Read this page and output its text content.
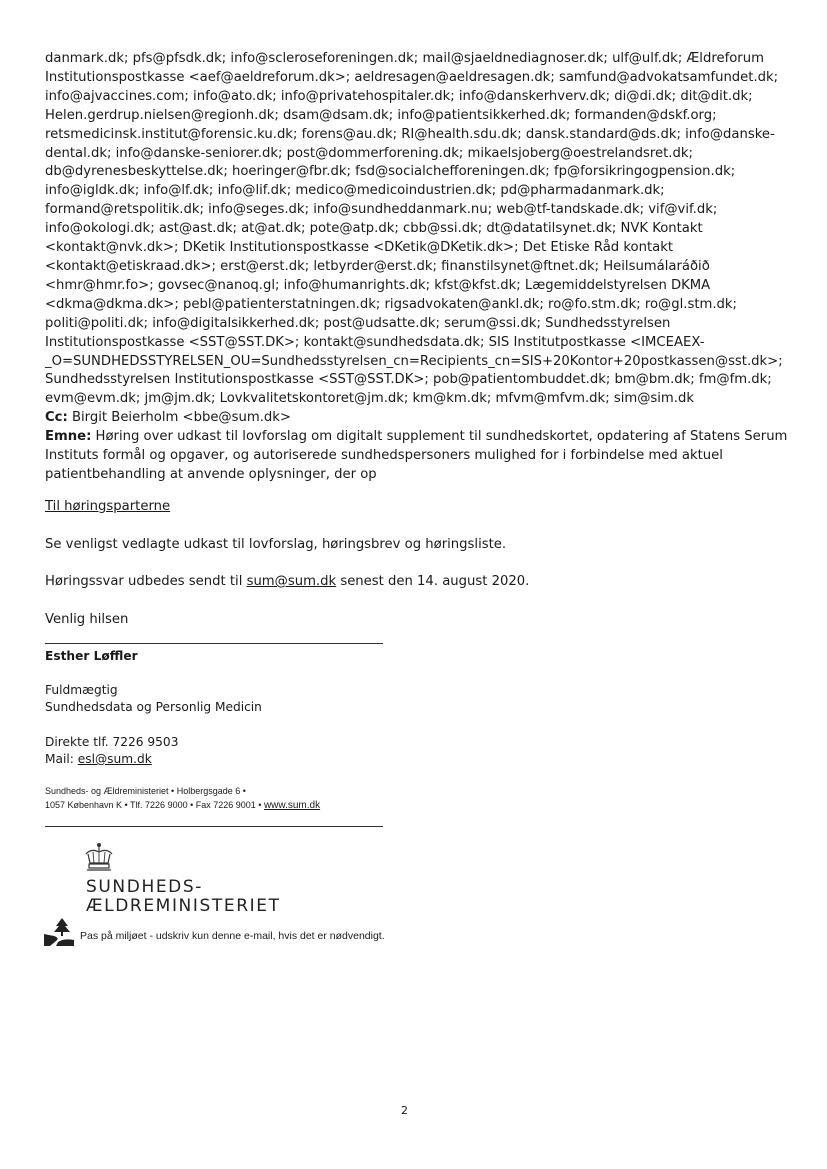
danmark.dk; pfs@pfsdk.dk; info@scleroseforeningen.dk; mail@sjaeldnediagnoser.dk; ulf@ulf.dk; Ældreforum
Institutionspostkasse <aef@aeldreforum.dk>; aeldresagen@aeldresagen.dk; samfund@advokatsamfundet.dk;
info@ajvaccines.com; info@ato.dk; info@privatehospitaler.dk; info@danskerhverv.dk; di@di.dk; dit@dit.dk;
Helen.gerdrup.nielsen@regionh.dk; dsam@dsam.dk; info@patientsikkerhed.dk; formanden@dskf.org;
retsmedicinsk.institut@forensic.ku.dk; forens@au.dk; RI@health.sdu.dk; dansk.standard@ds.dk; info@danske-
dental.dk; info@danske-seniorer.dk; post@dommerforening.dk; mikaelsjoberg@oestrelandsret.dk;
db@dyrenesbeskyttelse.dk; hoeringer@fbr.dk; fsd@socialchefforeningen.dk; fp@forsikringogpension.dk;
info@igldk.dk; info@lf.dk; info@lif.dk; medico@medicoindustrien.dk; pd@pharmadanmark.dk;
formand@retspolitik.dk; info@seges.dk; info@sundheddanmark.nu; web@tf-tandskade.dk; vif@vif.dk;
info@okologi.dk; ast@ast.dk; at@at.dk; pote@atp.dk; cbb@ssi.dk; dt@datatilsynet.dk; NVK Kontakt
<kontakt@nvk.dk>; DKetik Institutionspostkasse <DKetik@DKetik.dk>; Det Etiske Råd kontakt
<kontakt@etiskraad.dk>; erst@erst.dk; letbyrder@erst.dk; finanstilsynet@ftnet.dk; Heilsumálaráðið
<hmr@hmr.fo>; govsec@nanoq.gl; info@humanrights.dk; kfst@kfst.dk; Lægemiddelstyrelsen DKMA
<dkma@dkma.dk>; pebl@patienterstatningen.dk; rigsadvokaten@ankl.dk; ro@fo.stm.dk; ro@gl.stm.dk;
politi@politi.dk; info@digitalsikkerhed.dk; post@udsatte.dk; serum@ssi.dk; Sundhedsstyrelsen
Institutionspostkasse <SST@SST.DK>; kontakt@sundhedsdata.dk; SIS Institutpostkasse <IMCEAEX-
_O=SUNDHEDSSTYRELSEN_OU=Sundhedsstyrelsen_cn=Recipients_cn=SIS+20Kontor+20postkassen@sst.dk>;
Sundhedsstyrelsen Institutionspostkasse <SST@SST.DK>; pob@patientombuddet.dk; bm@bm.dk; fm@fm.dk;
evm@evm.dk; jm@jm.dk; Lovkvalitetskontoret@jm.dk; km@km.dk; mfvm@mfvm.dk; sim@sim.dk
Cc: Birgit Beierholm <bbe@sum.dk>
Emne: Høring over udkast til lovforslag om digitalt supplement til sundhedskortet, opdatering af Statens Serum
Instituts formål og opgaver, og autoriserede sundhedspersoners mulighed for i forbindelse med aktuel
patientbehandling at anvende oplysninger, der op
Til høringsparterne
Se venligst vedlagte udkast til lovforslag, høringsbrev og høringsliste.
Høringssvar udbedes sendt til sum@sum.dk senest den 14. august 2020.
Venlig hilsen
Esther Løffler
Fuldmægtig
Sundhedsdata og Personlig Medicin
Direkte tlf. 7226 9503
Mail: esl@sum.dk
Sundheds- og Ældreministeriet • Holbergsgade 6 •
1057 København K • Tlf. 7226 9000 • Fax 7226 9001 • www.sum.dk
SUNDHEDS-
ÆLDREMINISTERIET
Pas på miljøet - udskriv kun denne e-mail, hvis det er nødvendigt.
2
